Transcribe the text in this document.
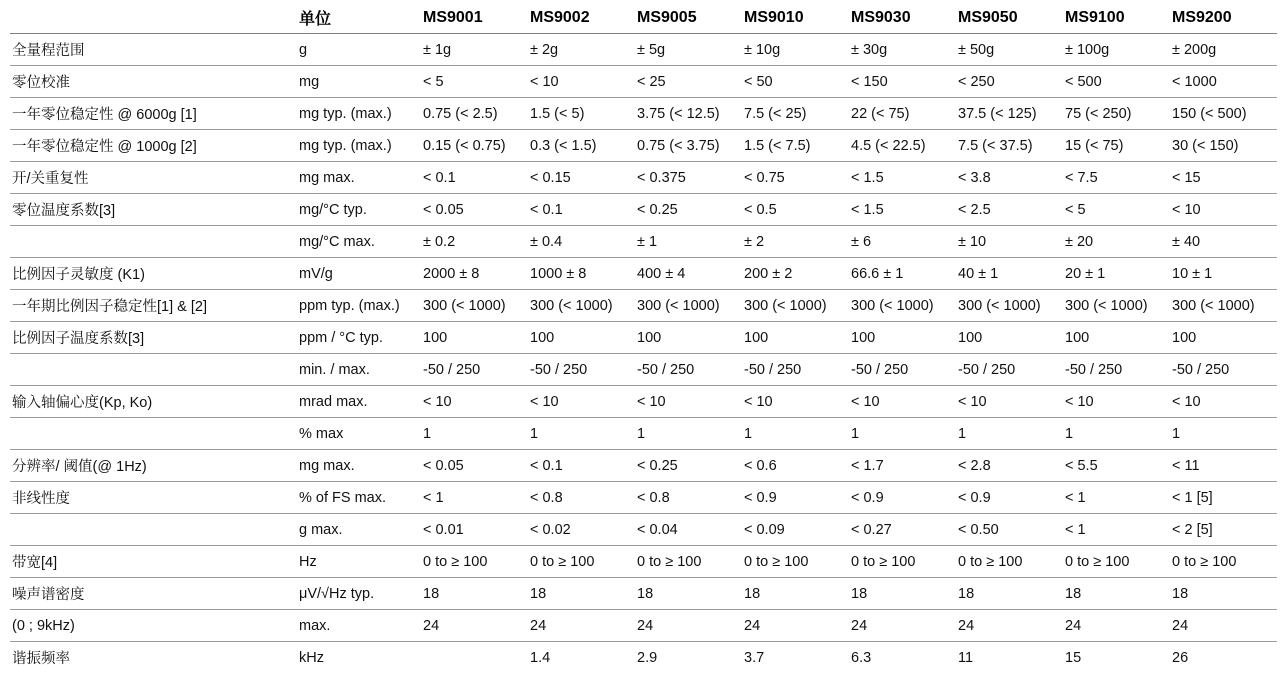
	单位	MS9001	MS9002	MS9005	MS9010	MS9030	MS9050	MS9100	MS9200
全量程范围	g	± 1g	± 2g	± 5g	± 10g	± 30g	± 50g	± 100g	± 200g
零位校准	mg	< 5	< 10	< 25	< 50	< 150	< 250	< 500	< 1000
一年零位稳定性 @ 6000g [1]	mg typ. (max.)	0.75 (< 2.5)	1.5 (< 5)	3.75 (< 12.5)	7.5 (< 25)	22 (< 75)	37.5 (< 125)	75 (< 250)	150 (< 500)
一年零位稳定性 @ 1000g [2]	mg typ. (max.)	0.15 (< 0.75)	0.3 (< 1.5)	0.75 (< 3.75)	1.5 (< 7.5)	4.5 (< 22.5)	7.5 (< 37.5)	15 (< 75)	30 (< 150)
开/关重复性	mg max.	< 0.1	< 0.15	< 0.375	< 0.75	< 1.5	< 3.8	< 7.5	< 15
零位温度系数[3]	mg/°C typ.	< 0.05	< 0.1	< 0.25	< 0.5	< 1.5	< 2.5	< 5	< 10
	mg/°C max.	± 0.2	± 0.4	± 1	± 2	± 6	± 10	± 20	± 40
比例因子灵敏度 (K1)	mV/g	2000 ± 8	1000 ± 8	400 ± 4	200 ± 2	66.6 ± 1	40 ± 1	20 ± 1	10 ± 1
一年期比例因子稳定性[1] & [2]	ppm typ. (max.)	300 (< 1000)	300 (< 1000)	300 (< 1000)	300 (< 1000)	300 (< 1000)	300 (< 1000)	300 (< 1000)	300 (< 1000)
比例因子温度系数[3]	ppm / °C typ.	100	100	100	100	100	100	100	100
	min. / max.	-50 / 250	-50 / 250	-50 / 250	-50 / 250	-50 / 250	-50 / 250	-50 / 250	-50 / 250
输入轴偏心度(Kp, Ko)	mrad max.	< 10	< 10	< 10	< 10	< 10	< 10	< 10	< 10
	% max	1	1	1	1	1	1	1	1
分辨率/ 阈值(@ 1Hz)	mg max.	< 0.05	< 0.1	< 0.25	< 0.6	< 1.7	< 2.8	< 5.5	< 11
非线性度	% of FS max.	< 1	< 0.8	< 0.8	< 0.9	< 0.9	< 0.9	< 1	< 1 [5]
	g max.	< 0.01	< 0.02	< 0.04	< 0.09	< 0.27	< 0.50	< 1	< 2 [5]
带宽[4]	Hz	0 to ≥ 100	0 to ≥ 100	0 to ≥ 100	0 to ≥ 100	0 to ≥ 100	0 to ≥ 100	0 to ≥ 100	0 to ≥ 100
噪声谱密度	μV/√Hz typ.	18	18	18	18	18	18	18	18
(0 ; 9kHz)	max.	24	24	24	24	24	24	24	24
谐振频率	kHz		1.4	2.9	3.7	6.3	11	15	26
